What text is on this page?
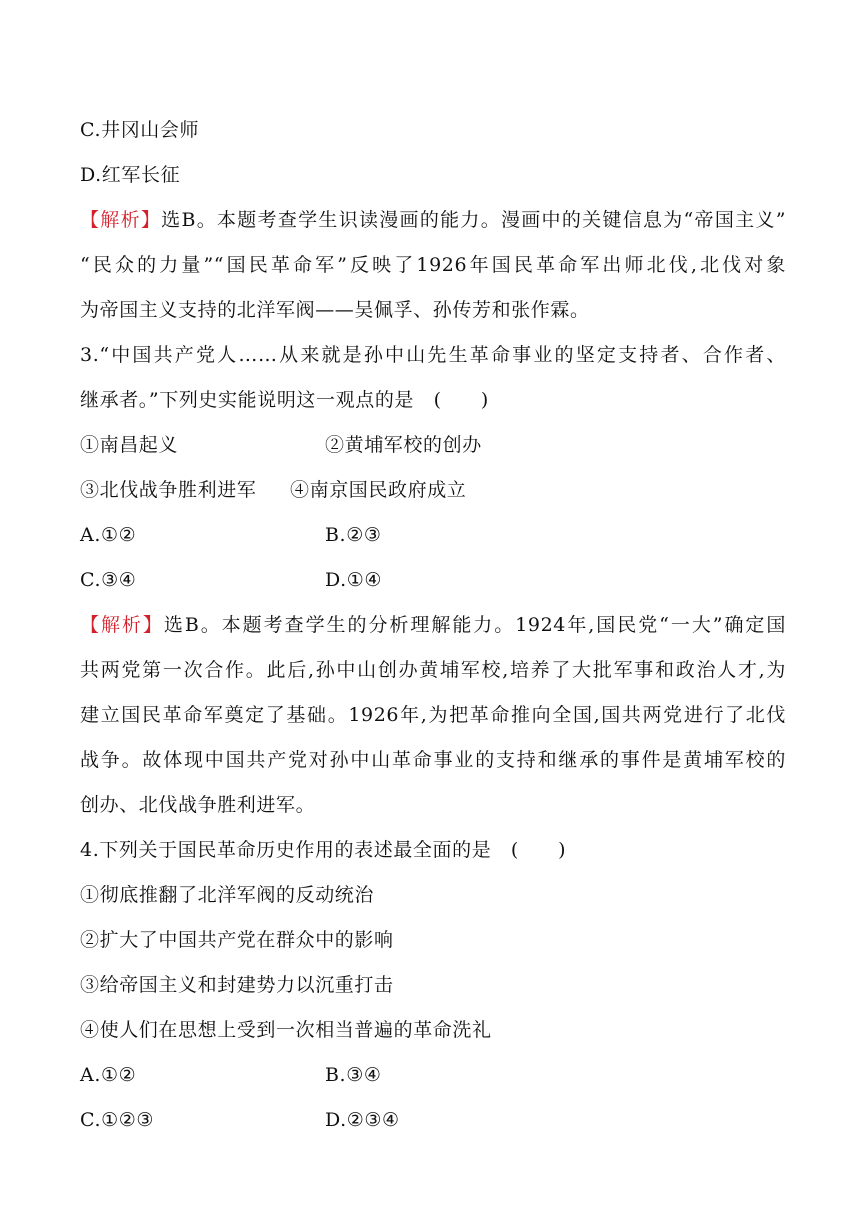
C.井冈山会师
D.红军长征
【解析】选B。本题考查学生识读漫画的能力。漫画中的关键信息为“帝国主义”
“民众的力量”“国民革命军”反映了1926年国民革命军出师北伐,北伐对象
为帝国主义支持的北洋军阀——吴佩孚、孙传芳和张作霖。
3.“中国共产党人……从来就是孙中山先生革命事业的坚定支持者、合作者、
继承者。”下列史实能说明这一观点的是　(　　)
①南昌起义	②黄埔军校的创办
③北伐战争胜利进军 ④南京国民政府成立
A.①②	B.②③
C.③④	D.①④
【解析】选B。本题考查学生的分析理解能力。1924年,国民党“一大”确定国
共两党第一次合作。此后,孙中山创办黄埔军校,培养了大批军事和政治人才,为
建立国民革命军奠定了基础。1926年,为把革命推向全国,国共两党进行了北伐
战争。故体现中国共产党对孙中山革命事业的支持和继承的事件是黄埔军校的
创办、北伐战争胜利进军。
4.下列关于国民革命历史作用的表述最全面的是　(　　)
①彻底推翻了北洋军阀的反动统治
②扩大了中国共产党在群众中的影响
③给帝国主义和封建势力以沉重打击
④使人们在思想上受到一次相当普遍的革命洗礼
A.①②	B.③④
C.①②③	D.②③④
